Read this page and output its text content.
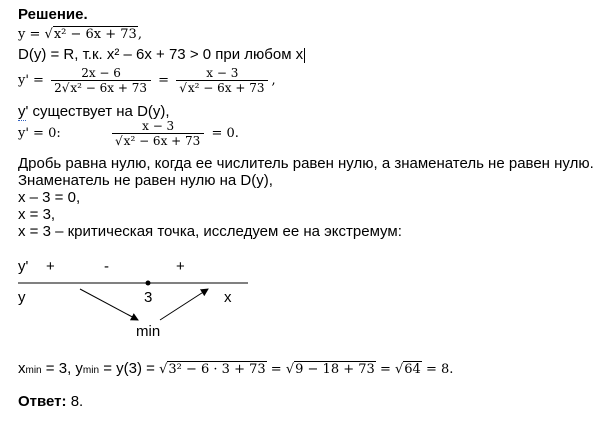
Решение.
y = √x² − 6x + 73,
D(y) = R, т.к. x² – 6x + 73 > 0 при любом x
$y' = \frac{2x - 6}{\text{2√x² − 6x + 73}} = \frac{x - 3}{\text{√x² − 6x + 73}}$ ,
y' существует на D(y),
y' = 0:	$\frac{x - 3}{\text{√x² − 6x + 73}} = 0$.
Дробь равна нулю, когда ее числитель равен нулю, а знаменатель не равен нулю.
Знаменатель не равен нулю на D(y),
x – 3 = 0,
x = 3,
x = 3 – критическая точка, исследуем ее на экстремум:
y' +	-	+
y	3	x
min
xmin = 3, ymin = y(3) = √3² − 6 · 3 + 73 = √9 − 18 + 73 = √64 = 8.
Ответ: 8.
